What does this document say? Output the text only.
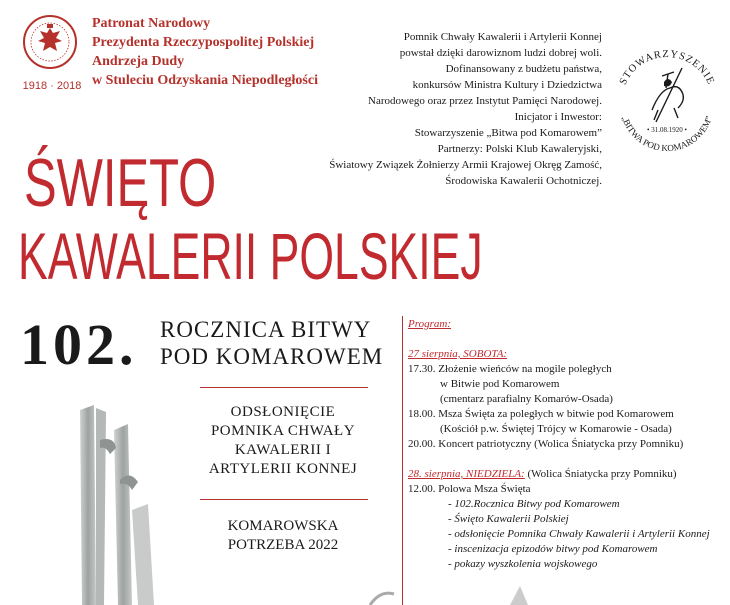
1918 · 2018
Patronat Narodowy
Prezydenta Rzeczypospolitej Polskiej
Andrzeja Dudy
w Stuleciu Odzyskania Niepodległości
Pomnik Chwały Kawalerii i Artylerii Konnej
powstał dzięki darowiznom ludzi dobrej woli.
Dofinansowany z budżetu państwa,
konkursów Ministra Kultury i Dziedzictwa
Narodowego oraz przez Instytut Pamięci Narodowej.
Inicjator i Inwestor:
Stowarzyszenie „Bitwa pod Komarowem”
Partnerzy: Polski Klub Kawaleryjski,
Światowy Związek Żołnierzy Armii Krajowej Okręg Zamość,
Środowiska Kawalerii Ochotniczej.
STOWARZYSZENIE
„BITWA POD KOMAROWEM”
• 31.08.1920 •
ŚWIĘTO
KAWALERII POLSKIEJ
102. ROCZNICA BITWY
POD KOMAROWEM
ODSŁONIĘCIE
POMNIKA CHWAŁY
KAWALERII I
ARTYLERII KONNEJ
KOMAROWSKA
POTRZEBA 2022
Program:
27 sierpnia, SOBOTA:
17.30. Złożenie wieńców na mogile poległych
w Bitwie pod Komarowem
(cmentarz parafialny Komarów-Osada)
18.00. Msza Święta za poległych w bitwie pod Komarowem
(Kościół p.w. Świętej Trójcy w Komarowie - Osada)
20.00. Koncert patriotyczny (Wolica Śniatycka przy Pomniku)
28. sierpnia, NIEDZIELA: (Wolica Śniatycka przy Pomniku)
12.00. Polowa Msza Święta
- 102.Rocznica Bitwy pod Komarowem
- Święto Kawalerii Polskiej
- odsłonięcie Pomnika Chwały Kawalerii i Artylerii Konnej
- inscenizacja epizodów bitwy pod Komarowem
- pokazy wyszkolenia wojskowego
